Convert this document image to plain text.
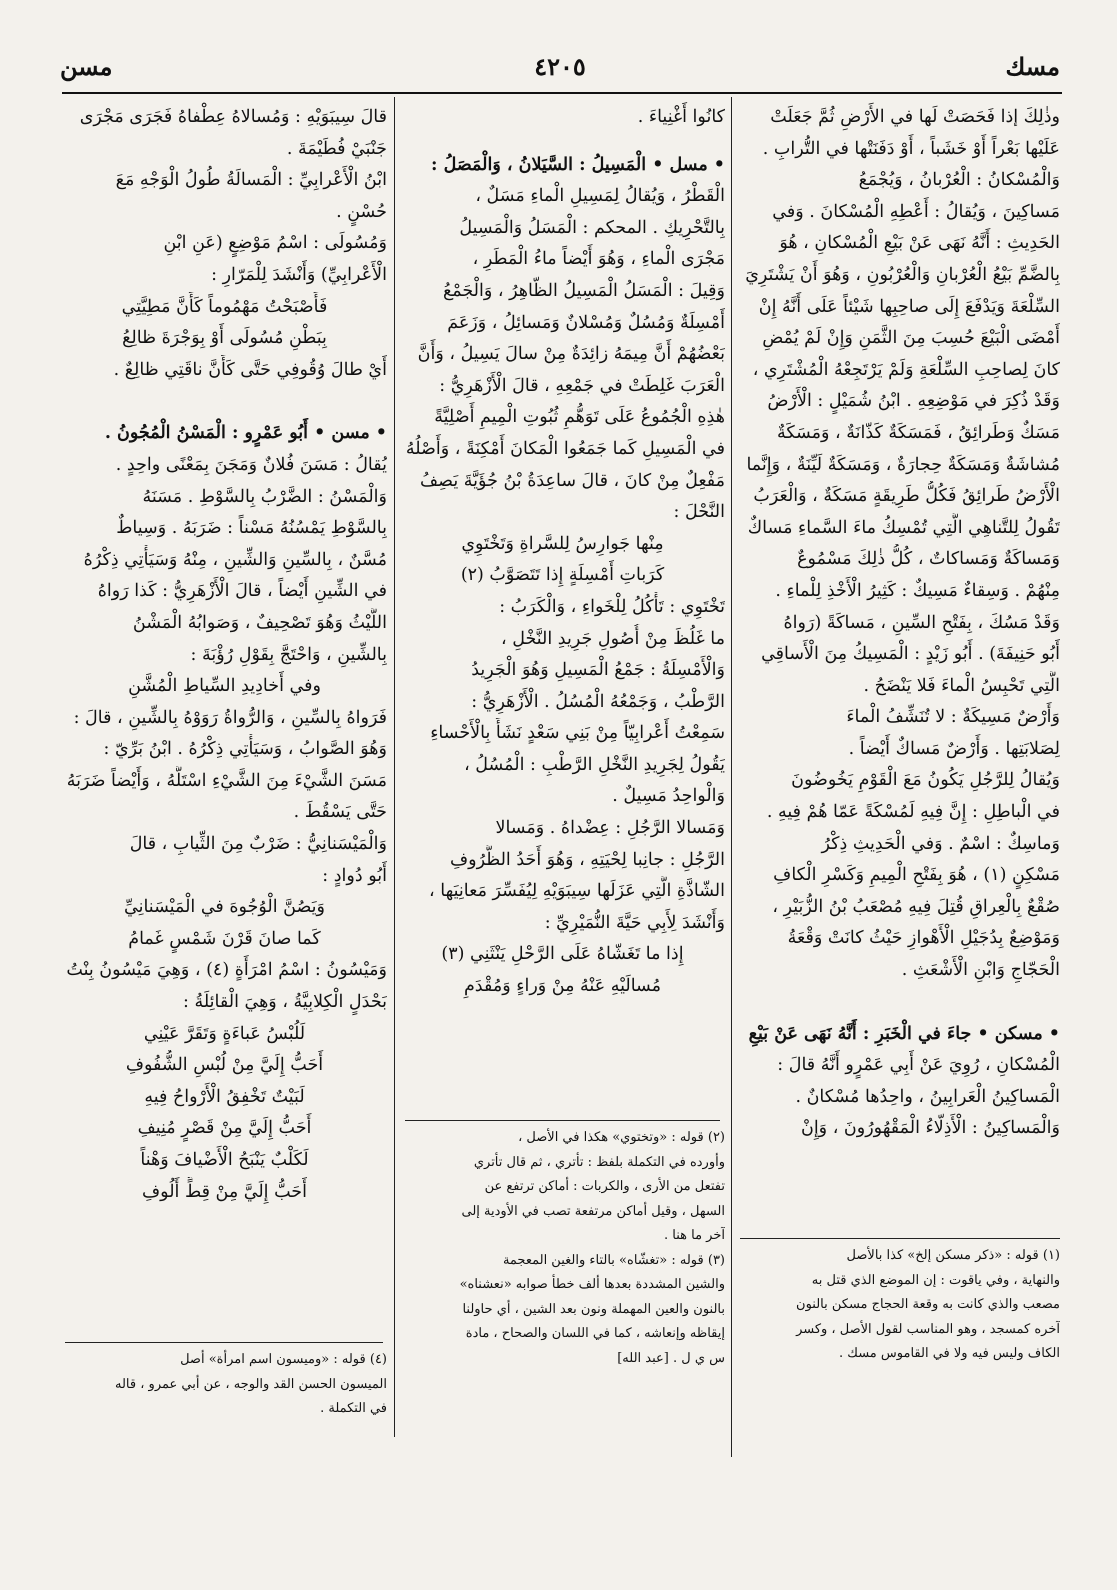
مسن	٤٢٠٥	مسك
وذٰلِكَ إذا فَحَصَتْ لَها في الأَرْضِ ثُمَّ جَعَلَتْ
عَلَيْها بَعْراً أَوْ خَشَباً ، أَوْ دَفَنَتْها في التُّرابِ .
وَالْمُسْكانُ : الْعُرْبانُ ، وَيُجْمَعُ
مَساكِينَ ، وَيُقالُ : أَعْطِهِ الْمُسْكانَ . وَفي
الحَدِيثِ : أَنَّهُ نَهَى عَنْ بَيْعِ الْمُسْكانِ ، هُوَ
بِالضَّمِّ بَيْعُ الْعُرْبانِ وَالْعُرْبُونِ ، وَهُوَ أَنْ يَشْتَرِيَ
السِّلْعَةَ وَيَدْفَعَ إِلَى صاحِبِها شَيْئاً عَلَى أَنَّهُ إِنْ
أَمْضَى الْبَيْعَ حُسِبَ مِنَ الثَّمَنِ وَإِنْ لَمْ يُمْضِ
كانَ لِصاحِبِ السِّلْعَةِ وَلَمْ يَرْتَجِعْهُ الْمُشْتَرِي ،
وَقَدْ ذُكِرَ في مَوْضِعِهِ . ابْنُ شُمَيْلٍ : الْأَرْضُ
مَسَكٌ وَطَرائِقُ ، فَمَسَكَةٌ كَذّانَةٌ ، وَمَسَكَةٌ
مُشاشَةٌ وَمَسَكَةٌ حِجارَةٌ ، وَمَسَكَةٌ لَيِّنَةٌ ، وَإِنَّما
الْأَرْضُ طَرائِقُ فَكُلُّ طَرِيقَةٍ مَسَكَةٌ ، وَالْعَرَبُ
تَقُولُ لِلتَّناهِي الَّتِي تُمْسِكُ ماءَ السَّماءِ مَساكٌ
وَمَساكَةٌ وَمَساكاتٌ ، كُلُّ ذٰلِكَ مَسْمُوعٌ
مِنْهُمْ . وَسِقاءٌ مَسِيكٌ : كَثِيرُ الْأَخْذِ لِلْماءِ .
وَقَدْ مَسُكَ ، بِفَتْحِ السِّينِ ، مَساكَةً (رَواهُ
أَبُو حَنِيفَةَ) . أَبُو زَيْدٍ : الْمَسِيكُ مِنَ الْأَساقِي
الَّتِي تَحْبِسُ الْماءَ فَلا يَنْضَحُ .
وَأَرْضٌ مَسِيكَةٌ : لا تُنَشِّفُ الْماءَ
لِصَلابَتِها . وَأَرْضٌ مَساكٌ أَيْضاً .
وَيُقالُ لِلرَّجُلِ يَكُونُ مَعَ الْقَوْمِ يَخُوضُونَ
في الْباطِلِ : إِنَّ فِيهِ لَمُسْكَةً عَمّا هُمْ فِيهِ .
وَماسِكٌ : اسْمٌ . وَفي الْحَدِيثِ ذِكْرُ
مَسْكِنٍ (١) ، هُوَ بِفَتْحِ الْمِيمِ وَكَسْرِ الْكافِ
صُقْعٌ بِالْعِراقِ قُتِلَ فِيهِ مُصْعَبُ بْنُ الزُّبَيْرِ ،
وَمَوْضِعٌ بِدُجَيْلِ الْأَهْوازِ حَيْثُ كانَتْ وَقْعَةُ
الْحَجّاجِ وَابْنِ الْأَشْعَثِ .
• مسكن • جاءَ في الْخَبَرِ : أَنَّهُ نَهَى عَنْ بَيْعِ
الْمُسْكانِ ، رُوِيَ عَنْ أَبِي عَمْرٍو أَنَّهُ قالَ :
الْمَساكِينُ الْعَرابِينُ ، واحِدُها مُسْكانٌ .
وَالْمَساكِينُ : الْأَذِلّاءُ الْمَقْهُورُونَ ، وَإِنْ
(١) قوله : «ذكر مسكن إلخ» كذا بالأصل
والنهاية ، وفي ياقوت : إن الموضع الذي قتل به
مصعب والذي كانت به وقعة الحجاج مسكن بالنون
آخره كمسجد ، وهو المناسب لقول الأصل ، وكسر
الكاف وليس فيه ولا في القاموس مسك .
كانُوا أَغْنِياءَ .
• مسل • الْمَسِيلُ : السَّيَلانُ ، وَالْمَصَلُ :
الْقَطْرُ ، وَيُقالُ لِمَسِيلِ الْماءِ مَسَلٌ ،
بِالتَّحْرِيكِ . المحكم : الْمَسَلُ وَالْمَسِيلُ
مَجْرَى الْماءِ ، وَهُوَ أَيْضاً ماءُ الْمَطَرِ ،
وَقِيلَ : الْمَسَلُ الْمَسِيلُ الظّاهِرُ ، وَالْجَمْعُ
أَمْسِلَةٌ وَمُسُلٌ وَمُسْلانٌ وَمَسائِلُ ، وَزَعَمَ
بَعْضُهُمْ أَنَّ مِيمَهُ زائِدَةٌ مِنْ سالَ يَسِيلُ ، وَأَنَّ
الْعَرَبَ غَلِطَتْ في جَمْعِهِ ، قالَ الْأَزْهَرِيُّ :
هٰذِهِ الْجُمُوعُ عَلَى تَوَهُّمِ ثُبُوتِ الْمِيمِ أَصْلِيَّةً
في الْمَسِيلِ كَما جَمَعُوا الْمَكانَ أَمْكِنَةً ، وَأَصْلُهُ
مَفْعِلٌ مِنْ كانَ ، قالَ ساعِدَةُ بْنُ جُؤَيَّةَ يَصِفُ
النَّحْلَ :
مِنْها جَوارِسُ لِلسَّراةِ وَتَخْتَوِي
كَرَباتِ أَمْسِلَةٍ إِذا تَتَصَوَّبُ (٢)
تَخْتَوِي : تَأْكُلُ لِلْخَواءِ ، وَالْكَرَبُ :
ما غَلُظَ مِنْ أُصُولِ جَرِيدِ النَّخْلِ ،
وَالْأَمْسِلَةُ : جَمْعُ الْمَسِيلِ وَهُوَ الْجَرِيدُ
الرَّطْبُ ، وَجَمْعُهُ الْمُسُلُ . الْأَزْهَرِيُّ :
سَمِعْتُ أَعْرابِيّاً مِنْ بَنِي سَعْدٍ نَشَأَ بِالْأَحْساءِ
يَقُولُ لِجَرِيدِ النَّخْلِ الرَّطْبِ : الْمُسُلُ ،
وَالْواحِدُ مَسِيلٌ .
وَمَسالا الرَّجُلِ : عِضْداهُ . وَمَسالا
الرَّجُلِ : جانِبا لِحْيَتِهِ ، وَهُوَ أَحَدُ الظُّرُوفِ
الشّاذَّةِ الَّتِي عَزَلَها سِيبَوَيْهِ لِيُفَسِّرَ مَعانِيَها ،
وَأَنْشَدَ لِأَبِي حَيَّةَ النُّمَيْرِيِّ :
إِذا ما تَغَشّاهُ عَلَى الرَّحْلِ يَنْثَنِي (٣)
مُسالَيْهِ عَنْهُ مِنْ وَراءٍ وَمُقْدَمِ
(٢) قوله : «وتختوي» هكذا في الأصل ،
وأورده في التكملة بلفظ : تأتري ، ثم قال تأتري
تفتعل من الأرى ، والكربات : أماكن ترتفع عن
السهل ، وقيل أماكن مرتفعة تصب في الأودية إلى
آخر ما هنا .
(٣) قوله : «تغشّاه» بالتاء والغين المعجمة
والشين المشددة بعدها ألف خطأ صوابه «نعشناه»
بالنون والعين المهملة ونون بعد الشين ، أي حاولنا
إيقاظه وإنعاشه ، كما في اللسان والصحاح ، مادة
س ي ل . [عبد الله]
قالَ سِيبَوَيْهِ : وَمُسالاهُ عِطْفاهُ فَجَرَى مَجْرَى
جَنْبَيْ فُطَيْمَةَ .
ابْنُ الْأَعْرابِيِّ : الْمَسالَةُ طُولُ الْوَجْهِ مَعَ
حُسْنٍ .
وَمُسُولَى : اسْمُ مَوْضِعٍ (عَنِ ابْنِ
الْأَعْرابِيِّ) وَأَنْشَدَ لِلْمَرّارِ :
فَأَصْبَحْتُ مَهْمُوماً كَأَنَّ مَطِيَّتِي
بِبَطْنِ مُسُولَى أَوْ بِوَجْرَةَ ظالِعُ
أَيْ طالَ وُقُوفِي حَتَّى كَأَنَّ ناقَتِي ظالِعٌ .
• مسن • أَبُو عَمْرٍو : الْمَسْنُ الْمُجُونُ .
يُقالُ : مَسَنَ فُلانٌ وَمَجَنَ بِمَعْنًى واحِدٍ .
وَالْمَسْنُ : الضَّرْبُ بِالسَّوْطِ . مَسَنَهُ
بِالسَّوْطِ يَمْسُنُهُ مَسْناً : ضَرَبَهُ . وَسِياطٌ
مُسَّنٌ ، بِالسِّينِ وَالشِّينِ ، مِنْهُ وَسَيَأْتِي ذِكْرُهُ
في الشِّينِ أَيْضاً ، قالَ الْأَزْهَرِيُّ : كَذا رَواهُ
اللَّيْثُ وَهُوَ تَصْحِيفٌ ، وَصَوابُهُ الْمَشْنُ
بِالشِّينِ ، وَاحْتَجَّ بِقَوْلِ رُؤْبَةَ :
وفي أَخادِيدِ السِّياطِ الْمُشَّنِ
فَرَواهُ بِالسِّينِ ، وَالرُّواةُ رَوَوْهُ بِالشِّينِ ، قالَ :
وَهُوَ الصَّوابُ ، وَسَيَأْتِي ذِكْرُهُ . ابْنُ بَرِّيّ :
مَسَنَ الشَّيْءَ مِنَ الشَّيْءِ اسْتَلَّهُ ، وَأَيْضاً ضَرَبَهُ
حَتَّى يَسْقُطَ .
وَالْمَيْسَنانِيُّ : ضَرْبٌ مِنَ الثِّيابِ ، قالَ
أَبُو دُوادٍ :
وَيَصُنَّ الْوُجُوهَ في الْمَيْسَنانِيِّ
كَما صانَ قَرْنَ شَمْسٍ غَمامُ
وَمَيْسُونُ : اسْمُ امْرَأَةٍ (٤) ، وَهِيَ مَيْسُونُ بِنْتُ
بَحْدَلٍ الْكِلابِيَّةُ ، وَهِيَ الْقائِلَةُ :
لَلُبْسُ عَباءَةٍ وَتَقَرَّ عَيْنِي
أَحَبُّ إِلَيَّ مِنْ لُبْسِ الشُّفُوفِ
لَبَيْتٌ تَخْفِقُ الْأَرْواحُ فِيهِ
أَحَبُّ إِلَيَّ مِنْ قَصْرٍ مُنِيفِ
لَكَلْبٌ يَنْبَحُ الْأَضْيافَ وَهْناً
أَحَبُّ إِلَيَّ مِنْ قِطٍّ أَلُوفِ
(٤) قوله : «وميسون اسم امرأة» أصل
الميسون الحسن القد والوجه ، عن أبي عمرو ، قاله
في التكملة .
